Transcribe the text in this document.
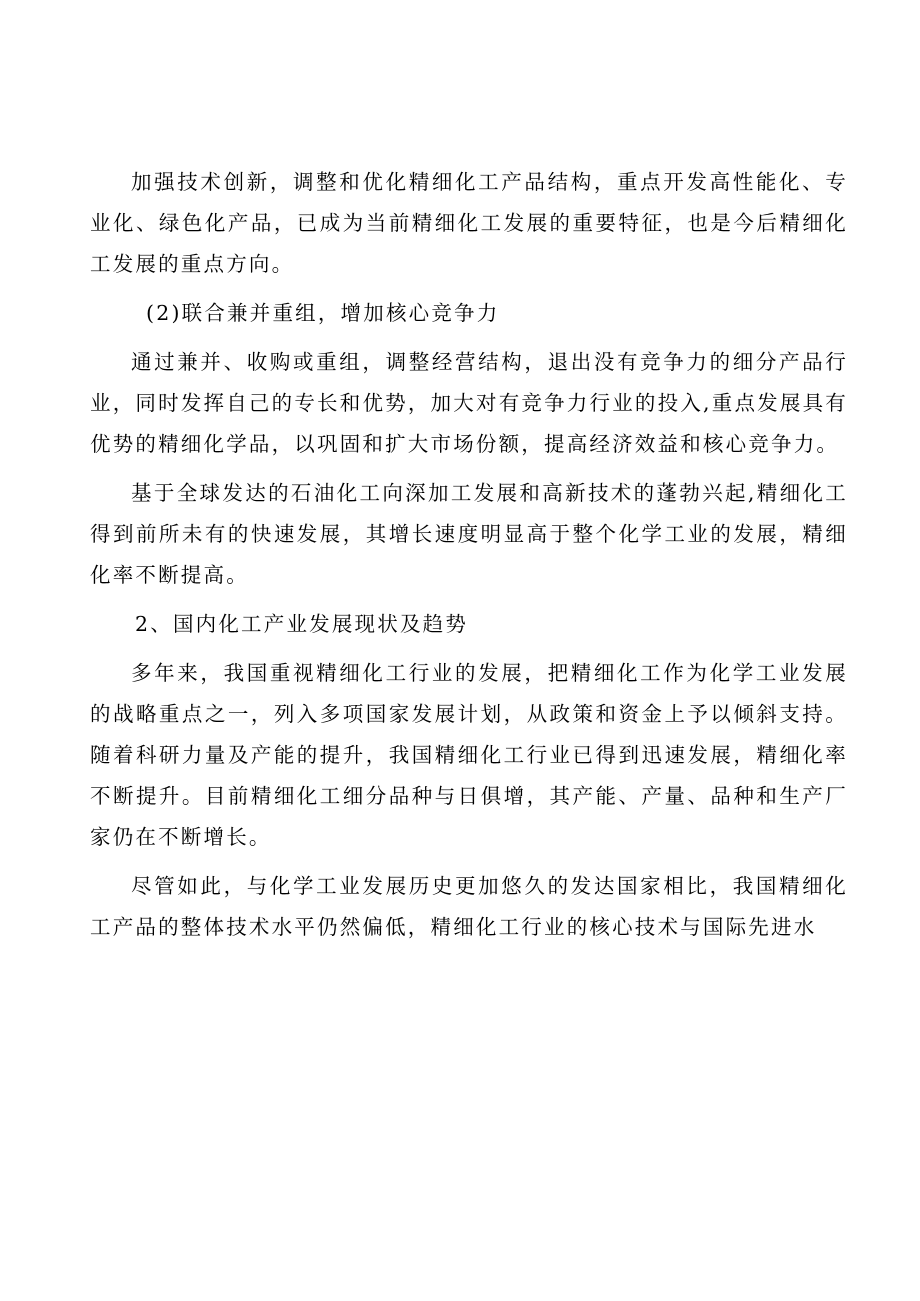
加强技术创新，调整和优化精细化工产品结构，重点开发高性能化、专业化、绿色化产品，已成为当前精细化工发展的重要特征，也是今后精细化工发展的重点方向。

(2)联合兼并重组，增加核心竞争力

通过兼并、收购或重组，调整经营结构，退出没有竞争力的细分产品行业，同时发挥自己的专长和优势，加大对有竞争力行业的投入,重点发展具有优势的精细化学品，以巩固和扩大市场份额，提高经济效益和核心竞争力。

基于全球发达的石油化工向深加工发展和高新技术的蓬勃兴起,精细化工得到前所未有的快速发展，其增长速度明显高于整个化学工业的发展，精细化率不断提高。

2、国内化工产业发展现状及趋势

多年来，我国重视精细化工行业的发展，把精细化工作为化学工业发展的战略重点之一，列入多项国家发展计划，从政策和资金上予以倾斜支持。随着科研力量及产能的提升，我国精细化工行业已得到迅速发展，精细化率不断提升。目前精细化工细分品种与日俱增，其产能、产量、品种和生产厂家仍在不断增长。

尽管如此，与化学工业发展历史更加悠久的发达国家相比，我国精细化工产品的整体技术水平仍然偏低，精细化工行业的核心技术与国际先进水
